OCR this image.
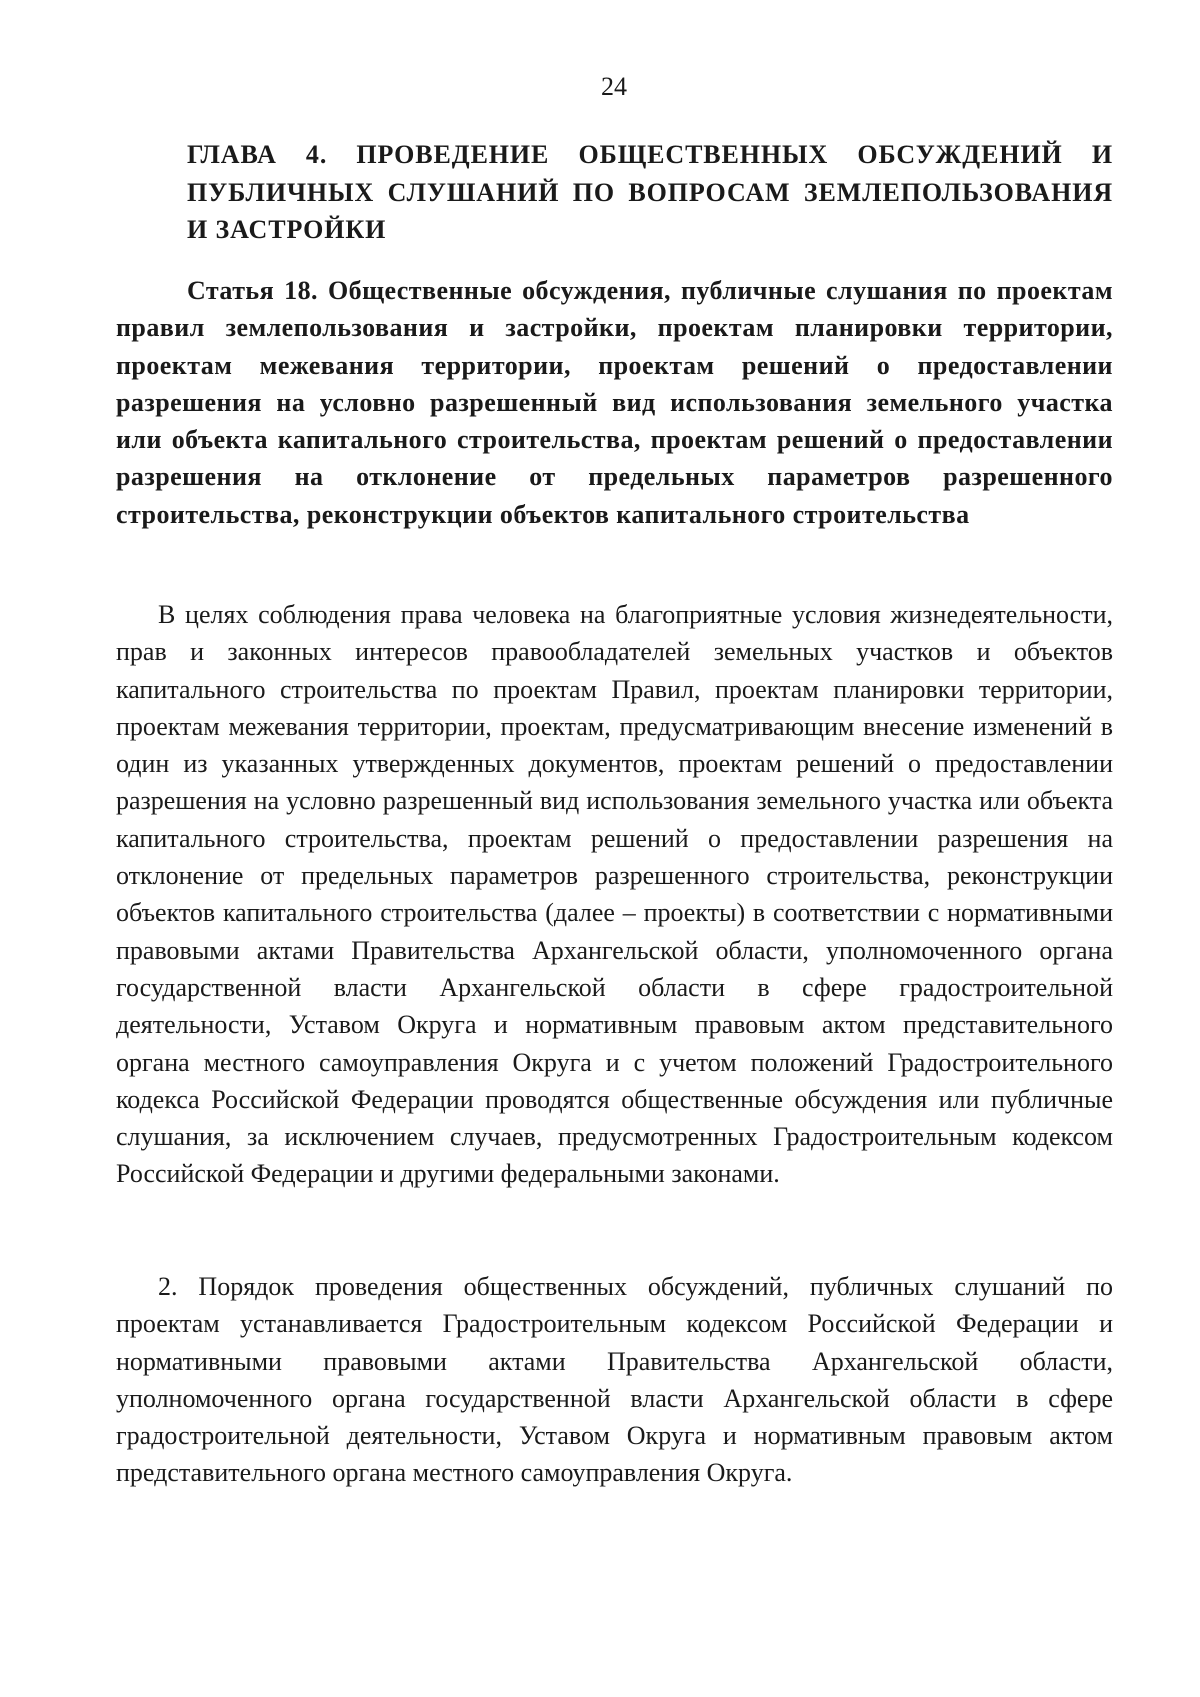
24
ГЛАВА 4. ПРОВЕДЕНИЕ ОБЩЕСТВЕННЫХ ОБСУЖДЕНИЙ И ПУБЛИЧНЫХ СЛУШАНИЙ ПО ВОПРОСАМ ЗЕМЛЕПОЛЬЗОВАНИЯ И ЗАСТРОЙКИ
Статья 18. Общественные обсуждения, публичные слушания по проектам правил землепользования и застройки, проектам планировки территории, проектам межевания территории, проектам решений о предоставлении разрешения на условно разрешенный вид использования земельного участка или объекта капитального строительства, проектам решений о предоставлении разрешения на отклонение от предельных параметров разрешенного строительства, реконструкции объектов капитального строительства

В целях соблюдения права человека на благоприятные условия жизнедеятельности, прав и законных интересов правообладателей земельных участков и объектов капитального строительства по проектам Правил, проектам планировки территории, проектам межевания территории, проектам, предусматривающим внесение изменений в один из указанных утвержденных документов, проектам решений о предоставлении разрешения на условно разрешенный вид использования земельного участка или объекта капитального строительства, проектам решений о предоставлении разрешения на отклонение от предельных параметров разрешенного строительства, реконструкции объектов капитального строительства (далее – проекты) в соответствии с нормативными правовыми актами Правительства Архангельской области, уполномоченного органа государственной власти Архангельской области в сфере градостроительной деятельности, Уставом Округа и нормативным правовым актом представительного органа местного самоуправления Округа и с учетом положений Градостроительного кодекса Российской Федерации проводятся общественные обсуждения или публичные слушания, за исключением случаев, предусмотренных Градостроительным кодексом Российской Федерации и другими федеральными законами.

2. Порядок проведения общественных обсуждений, публичных слушаний по проектам устанавливается Градостроительным кодексом Российской Федерации и нормативными правовыми актами Правительства Архангельской области, уполномоченного органа государственной власти Архангельской области в сфере градостроительной деятельности, Уставом Округа и нормативным правовым актом представительного органа местного самоуправления Округа.
